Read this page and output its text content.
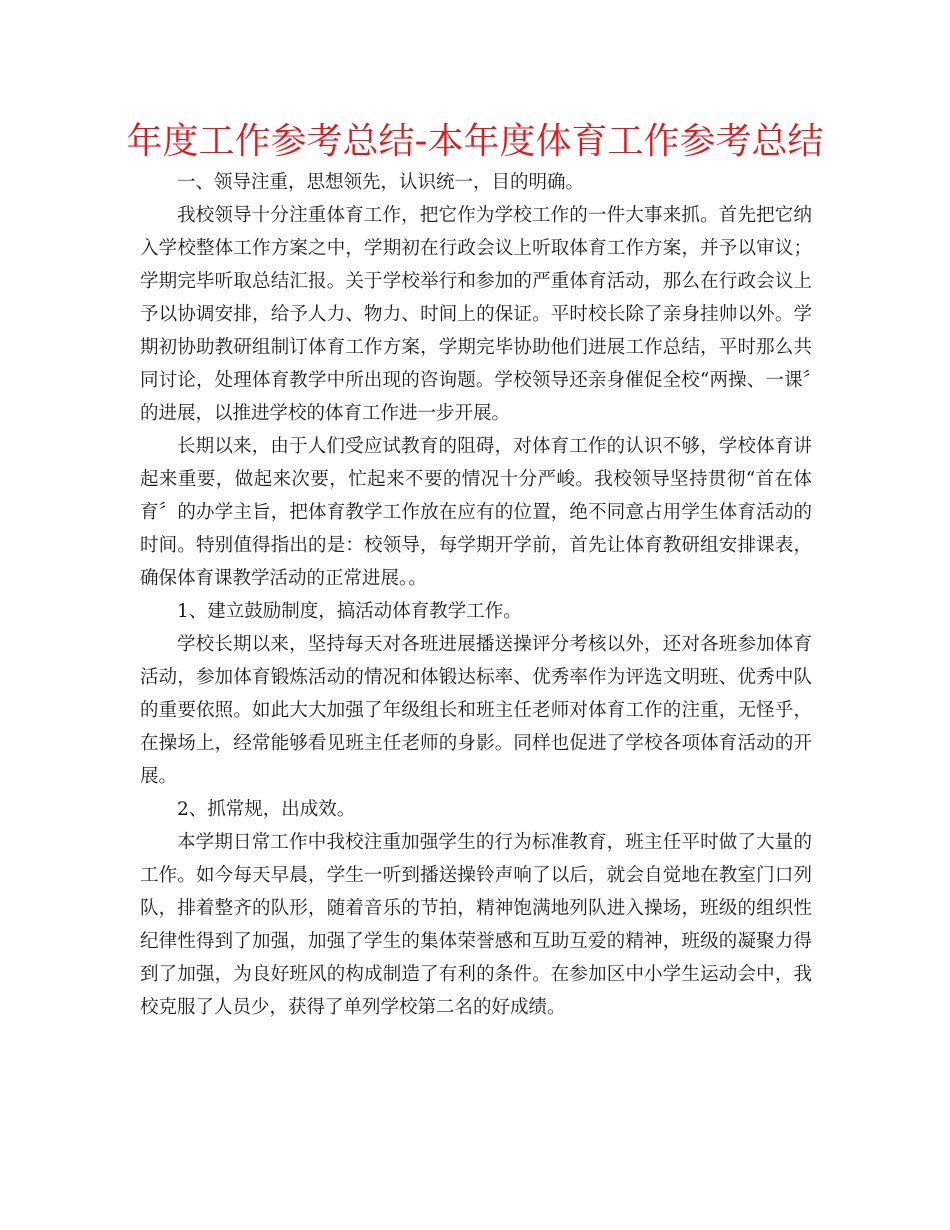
年度工作参考总结-本年度体育工作参考总结

一、领导注重，思想领先，认识统一，目的明确。

我校领导十分注重体育工作，把它作为学校工作的一件大事来抓。首先把它纳入学校整体工作方案之中，学期初在行政会议上听取体育工作方案，并予以审议；学期完毕听取总结汇报。关于学校举行和参加的严重体育活动，那么在行政会议上予以协调安排，给予人力、物力、时间上的保证。平时校长除了亲身挂帅以外。学期初协助教研组制订体育工作方案，学期完毕协助他们进展工作总结，平时那么共同讨论，处理体育教学中所出现的咨询题。学校领导还亲身催促全校“两操、一课〞的进展，以推进学校的体育工作进一步开展。

长期以来，由于人们受应试教育的阻碍，对体育工作的认识不够，学校体育讲起来重要，做起来次要，忙起来不要的情况十分严峻。我校领导坚持贯彻“首在体育〞的办学主旨，把体育教学工作放在应有的位置，绝不同意占用学生体育活动的时间。特别值得指出的是：校领导，每学期开学前，首先让体育教研组安排课表，确保体育课教学活动的正常进展。。

1、建立鼓励制度，搞活动体育教学工作。

学校长期以来，坚持每天对各班进展播送操评分考核以外，还对各班参加体育活动，参加体育锻炼活动的情况和体锻达标率、优秀率作为评选文明班、优秀中队的重要依照。如此大大加强了年级组长和班主任老师对体育工作的注重，无怪乎，在操场上，经常能够看见班主任老师的身影。同样也促进了学校各项体育活动的开展。

2、抓常规，出成效。

本学期日常工作中我校注重加强学生的行为标准教育，班主任平时做了大量的工作。如今每天早晨，学生一听到播送操铃声响了以后，就会自觉地在教室门口列队，排着整齐的队形，随着音乐的节拍，精神饱满地列队进入操场，班级的组织性纪律性得到了加强，加强了学生的集体荣誉感和互助互爱的精神，班级的凝聚力得到了加强，为良好班风的构成制造了有利的条件。在参加区中小学生运动会中，我校克服了人员少，获得了单列学校第二名的好成绩。
